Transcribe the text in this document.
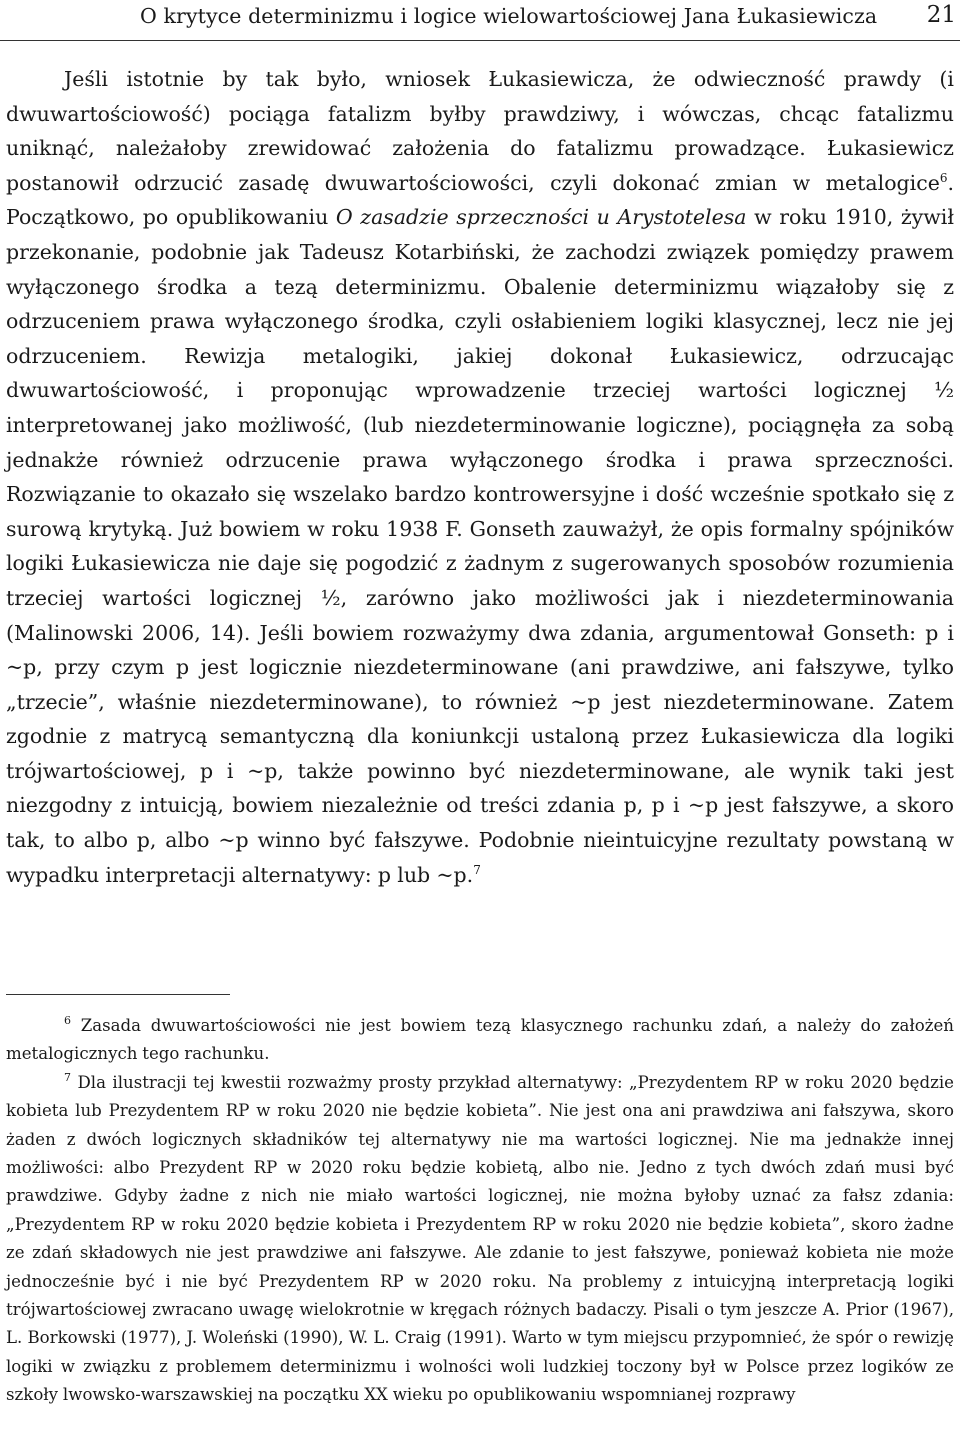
O krytyce determinizmu i logice wielowartościowej Jana Łukasiewicza 21

Jeśli istotnie by tak było, wniosek Łukasiewicza, że odwieczność prawdy (i dwuwartościowość) pociąga fatalizm byłby prawdziwy, i wówczas, chcąc fatalizmu uniknąć, należałoby zrewidować założenia do fatalizmu prowadzące. Łukasiewicz postanowił odrzucić zasadę dwuwartościowości, czyli dokonać zmian w metalogice$^6$. Początkowo, po opublikowaniu O zasadzie sprzeczności u Arystotelesa w roku 1910, żywił przekonanie, podobnie jak Tadeusz Kotarbiński, że zachodzi związek pomiędzy prawem wyłączonego środka a tezą determinizmu. Obalenie determinizmu wiązałoby się z odrzuceniem prawa wyłączonego środka, czyli osłabieniem logiki klasycznej, lecz nie jej odrzuceniem. Rewizja metalogiki, jakiej dokonał Łukasiewicz, odrzucając dwuwartościowość, i proponując wprowadzenie trzeciej wartości logicznej ½ interpretowanej jako możliwość, (lub niezdeterminowanie logiczne), pociągnęła za sobą jednakże również odrzucenie prawa wyłączonego środka i prawa sprzeczności. Rozwiązanie to okazało się wszelako bardzo kontrowersyjne i dość wcześnie spotkało się z surową krytyką. Już bowiem w roku 1938 F. Gonseth zauważył, że opis formalny spójników logiki Łukasiewicza nie daje się pogodzić z żadnym z sugerowanych sposobów rozumienia trzeciej wartości logicznej ½, zarówno jako możliwości jak i niezdeterminowania (Malinowski 2006, 14). Jeśli bowiem rozważymy dwa zdania, argumentował Gonseth: p i ~p, przy czym p jest logicznie niezdeterminowane (ani prawdziwe, ani fałszywe, tylko „trzecie”, właśnie niezdeterminowane), to również ~p jest niezdeterminowane. Zatem zgodnie z matrycą semantyczną dla koniunkcji ustaloną przez Łukasiewicza dla logiki trójwartościowej, p i ~p, także powinno być niezdeterminowane, ale wynik taki jest niezgodny z intuicją, bowiem niezależnie od treści zdania p, p i ~p jest fałszywe, a skoro tak, to albo p, albo ~p winno być fałszywe. Podobnie nieintuicyjne rezultaty powstaną w wypadku interpretacji alternatywy: p lub ~p.$^7$

$^6$ Zasada dwuwartościowości nie jest bowiem tezą klasycznego rachunku zdań, a należy do założeń metalogicznych tego rachunku.

$^7$ Dla ilustracji tej kwestii rozważmy prosty przykład alternatywy: „Prezydentem RP w roku 2020 będzie kobieta lub Prezydentem RP w roku 2020 nie będzie kobieta”. Nie jest ona ani prawdziwa ani fałszywa, skoro żaden z dwóch logicznych składników tej alternatywy nie ma wartości logicznej. Nie ma jednakże innej możliwości: albo Prezydent RP w 2020 roku będzie kobietą, albo nie. Jedno z tych dwóch zdań musi być prawdziwe. Gdyby żadne z nich nie miało wartości logicznej, nie można byłoby uznać za fałsz zdania: „Prezydentem RP w roku 2020 będzie kobieta i Prezydentem RP w roku 2020 nie będzie kobieta”, skoro żadne ze zdań składowych nie jest prawdziwe ani fałszywe. Ale zdanie to jest fałszywe, ponieważ kobieta nie może jednocześnie być i nie być Prezydentem RP w 2020 roku. Na problemy z intuicyjną interpretacją logiki trójwartościowej zwracano uwagę wielokrotnie w kręgach różnych badaczy. Pisali o tym jeszcze A. Prior (1967), L. Borkowski (1977), J. Woleński (1990), W. L. Craig (1991). Warto w tym miejscu przypomnieć, że spór o rewizję logiki w związku z problemem determinizmu i wolności woli ludzkiej toczony był w Polsce przez logików ze szkoły lwowsko-warszawskiej na początku XX wieku po opublikowaniu wspomnianej rozprawy
